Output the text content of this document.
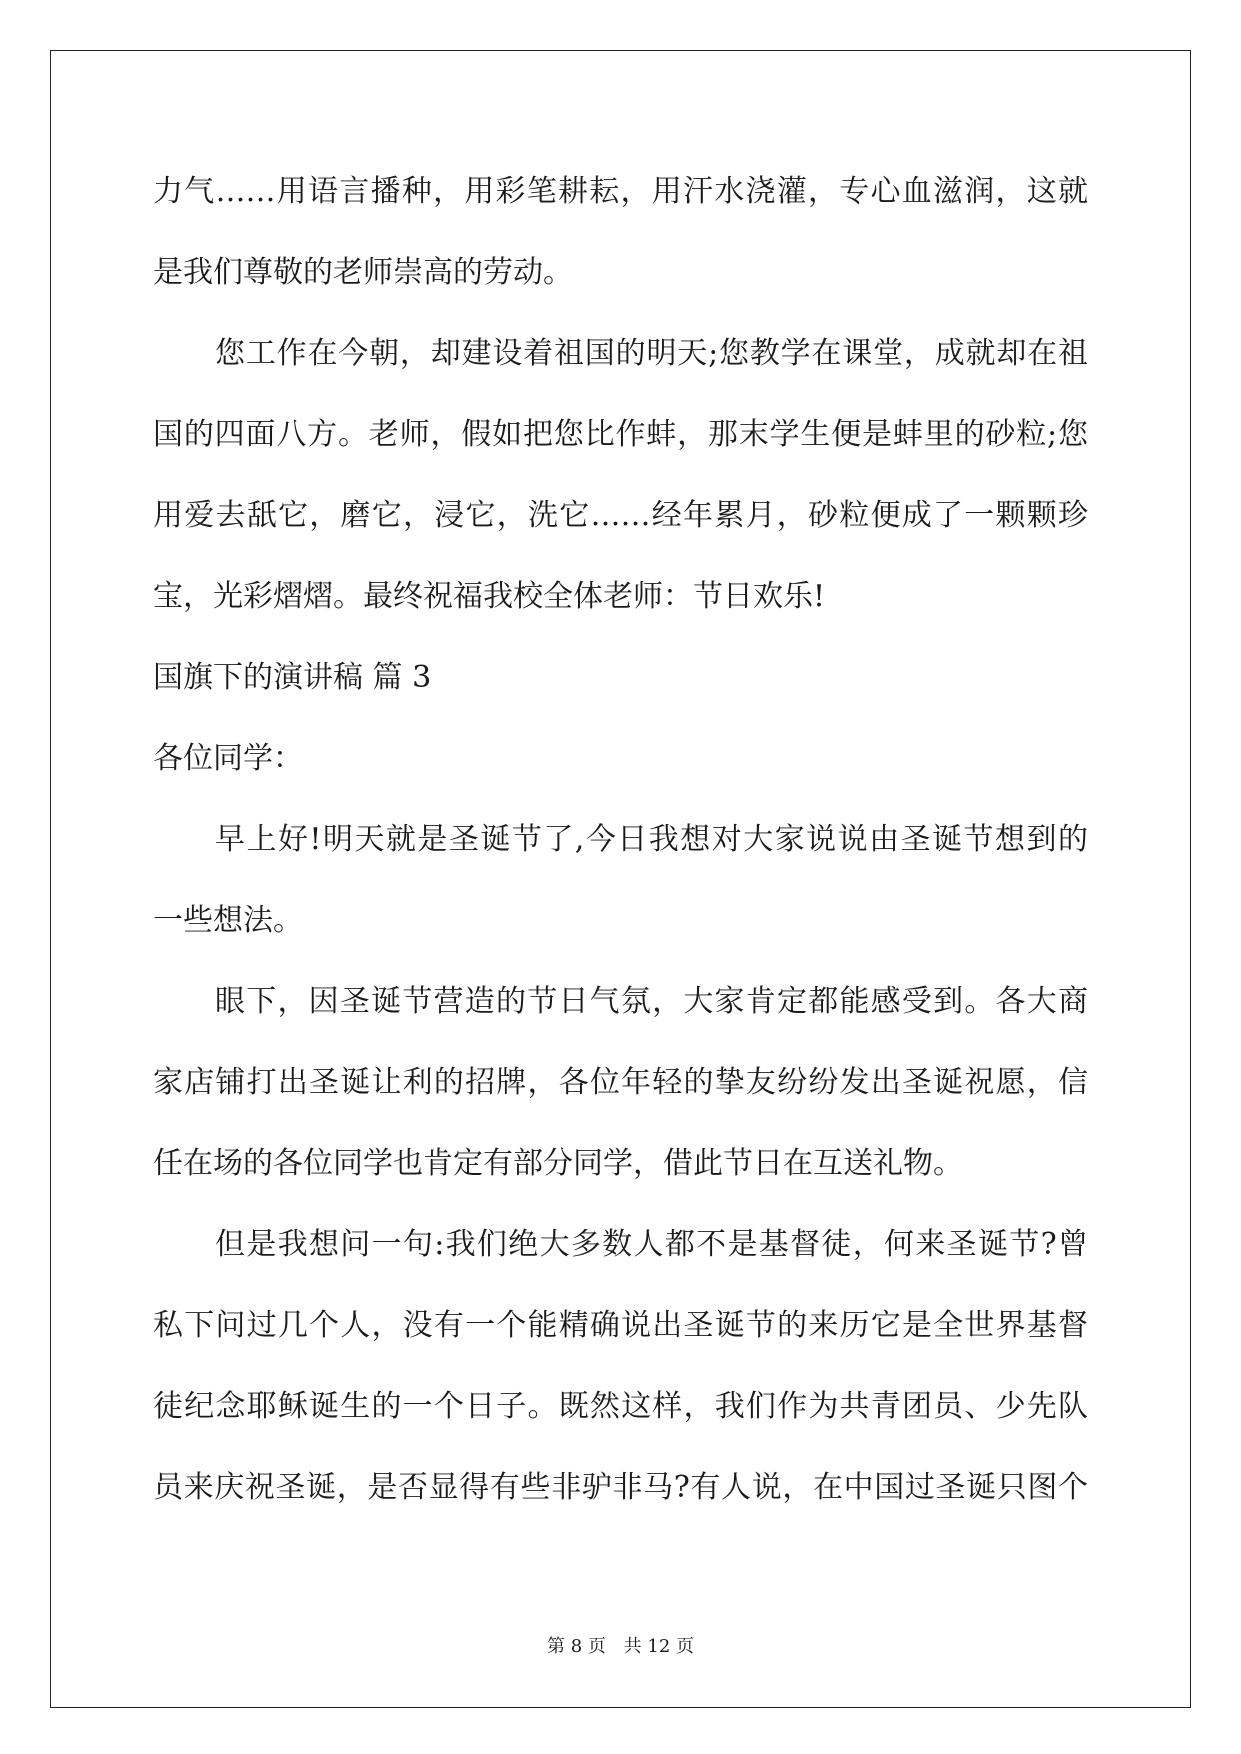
力气……用语言播种，用彩笔耕耘，用汗水浇灌，专心血滋润，这就
是我们尊敬的老师崇高的劳动。
您工作在今朝，却建设着祖国的明天;您教学在课堂，成就却在祖
国的四面八方。老师，假如把您比作蚌，那末学生便是蚌里的砂粒;您
用爱去舐它，磨它，浸它，洗它……经年累月，砂粒便成了一颗颗珍
宝，光彩熠熠。最终祝福我校全体老师：节日欢乐!
国旗下的演讲稿 篇 3
各位同学：
早上好!明天就是圣诞节了,今日我想对大家说说由圣诞节想到的
一些想法。
眼下，因圣诞节营造的节日气氛，大家肯定都能感受到。各大商
家店铺打出圣诞让利的招牌，各位年轻的挚友纷纷发出圣诞祝愿，信
任在场的各位同学也肯定有部分同学，借此节日在互送礼物。
但是我想问一句:我们绝大多数人都不是基督徒，何来圣诞节?曾
私下问过几个人，没有一个能精确说出圣诞节的来历它是全世界基督
徒纪念耶稣诞生的一个日子。既然这样，我们作为共青团员、少先队
员来庆祝圣诞，是否显得有些非驴非马?有人说，在中国过圣诞只图个
第 8 页 共 12 页
